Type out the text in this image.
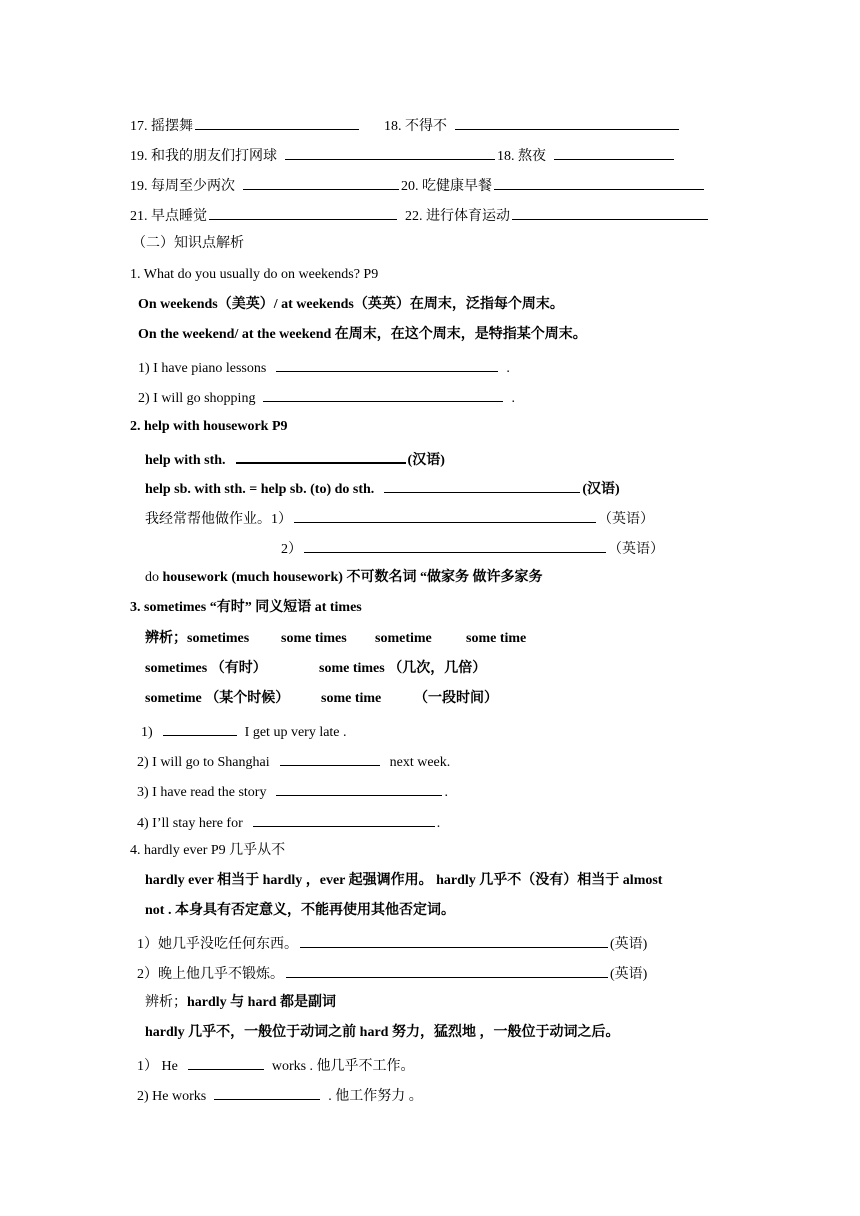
17. 摇摆舞	18. 不得不
19. 和我的朋友们打网球	18. 熬夜
19. 每周至少两次	20. 吃健康早餐
21. 早点睡觉	22. 进行体育运动
（二）知识点解析
1. What do you usually do on weekends? P9
On weekends（美英）/ at weekends（英英）在周末，泛指每个周末。
On the weekend/ at the weekend 在周末，在这个周末，是特指某个周末。
1) I have piano lessons	.
2) I will go shopping	.
2. help with housework P9
help with sth.	(汉语)
help sb. with sth. = help sb. (to) do sth.	(汉语)
我经常帮他做作业。1）	（英语）
2）	（英语）
do housework (much housework) 不可数名词 “做家务 做许多家务
3. sometimes “有时” 同义短语 at times
辨析；sometimes some times sometime some time
sometimes （有时）	some times （几次，几倍）
sometime （某个时候） some time （一段时间）
1)	I get up very late .
2) I will go to Shanghai	next week.
3) I have read the story	.
4) I’ll stay here for	.
4. hardly ever P9 几乎从不
hardly ever 相当于 hardly ，ever 起强调作用。 hardly 几乎不（没有）相当于 almost
not . 本身具有否定意义，不能再使用其他否定词。
1）她几乎没吃任何东西。	(英语)
2）晚上他几乎不锻炼。	(英语)
辨析；hardly 与 hard 都是副词
hardly 几乎不，一般位于动词之前 hard 努力，猛烈地 ，一般位于动词之后。
1） He	works . 他几乎不工作。
2) He works	. 他工作努力 。
